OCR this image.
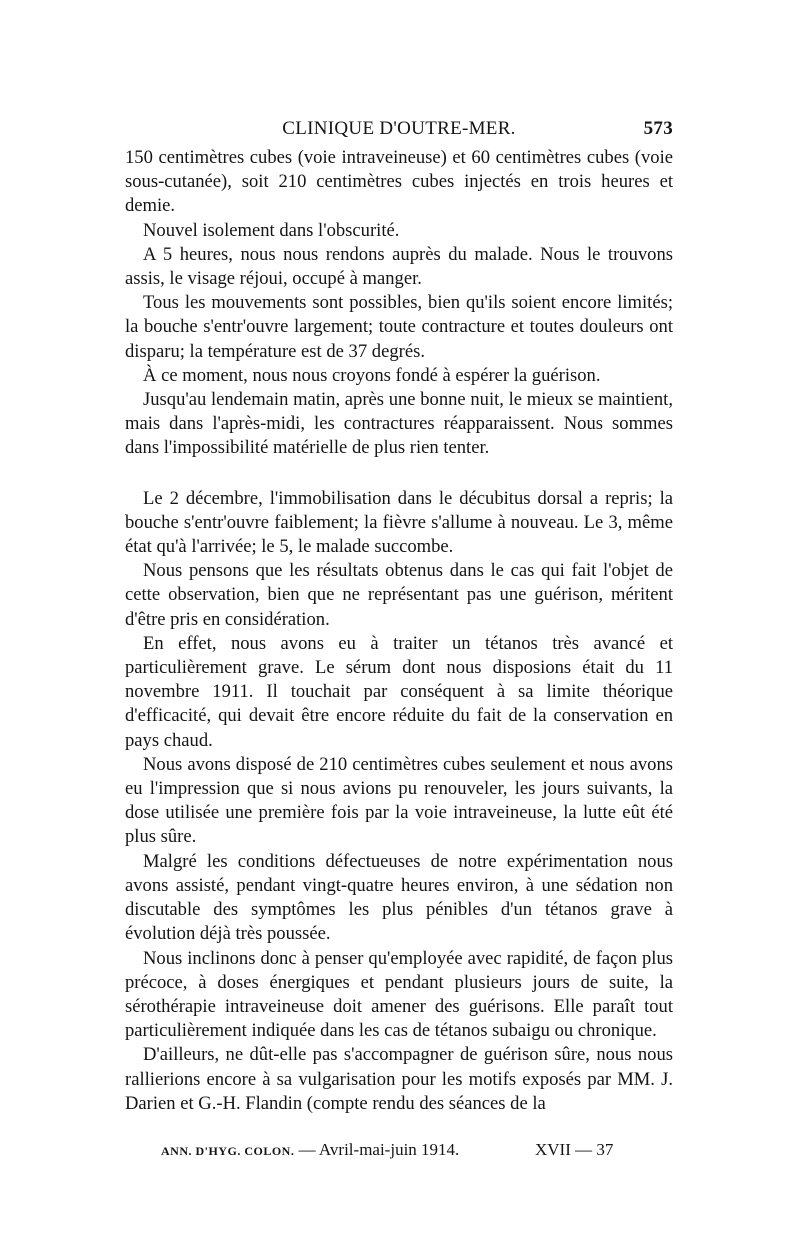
CLINIQUE D'OUTRE-MER.	573

150 centimètres cubes (voie intraveineuse) et 60 centimètres cubes (voie sous-cutanée), soit 210 centimètres cubes injectés en trois heures et demie.

Nouvel isolement dans l'obscurité.

A 5 heures, nous nous rendons auprès du malade. Nous le trouvons assis, le visage réjoui, occupé à manger.

Tous les mouvements sont possibles, bien qu'ils soient encore limités; la bouche s'entr'ouvre largement; toute contracture et toutes douleurs ont disparu; la température est de 37 degrés.

À ce moment, nous nous croyons fondé à espérer la guérison.

Jusqu'au lendemain matin, après une bonne nuit, le mieux se maintient, mais dans l'après-midi, les contractures réapparaissent. Nous sommes dans l'impossibilité matérielle de plus rien tenter.

Le 2 décembre, l'immobilisation dans le décubitus dorsal a repris; la bouche s'entr'ouvre faiblement; la fièvre s'allume à nouveau. Le 3, même état qu'à l'arrivée; le 5, le malade succombe.

Nous pensons que les résultats obtenus dans le cas qui fait l'objet de cette observation, bien que ne représentant pas une guérison, méritent d'être pris en considération.

En effet, nous avons eu à traiter un tétanos très avancé et particulièrement grave. Le sérum dont nous disposions était du 11 novembre 1911. Il touchait par conséquent à sa limite théorique d'efficacité, qui devait être encore réduite du fait de la conservation en pays chaud.

Nous avons disposé de 210 centimètres cubes seulement et nous avons eu l'impression que si nous avions pu renouveler, les jours suivants, la dose utilisée une première fois par la voie intraveineuse, la lutte eût été plus sûre.

Malgré les conditions défectueuses de notre expérimentation nous avons assisté, pendant vingt-quatre heures environ, à une sédation non discutable des symptômes les plus pénibles d'un tétanos grave à évolution déjà très poussée.

Nous inclinons donc à penser qu'employée avec rapidité, de façon plus précoce, à doses énergiques et pendant plusieurs jours de suite, la sérothérapie intraveineuse doit amener des guérisons. Elle paraît tout particulièrement indiquée dans les cas de tétanos subaigu ou chronique.

D'ailleurs, ne dût-elle pas s'accompagner de guérison sûre, nous nous rallierions encore à sa vulgarisation pour les motifs exposés par MM. J. Darien et G.-H. Flandin (compte rendu des séances de la

ANN. D'HYG. COLON. — Avril-mai-juin 1914.	XVII — 37
